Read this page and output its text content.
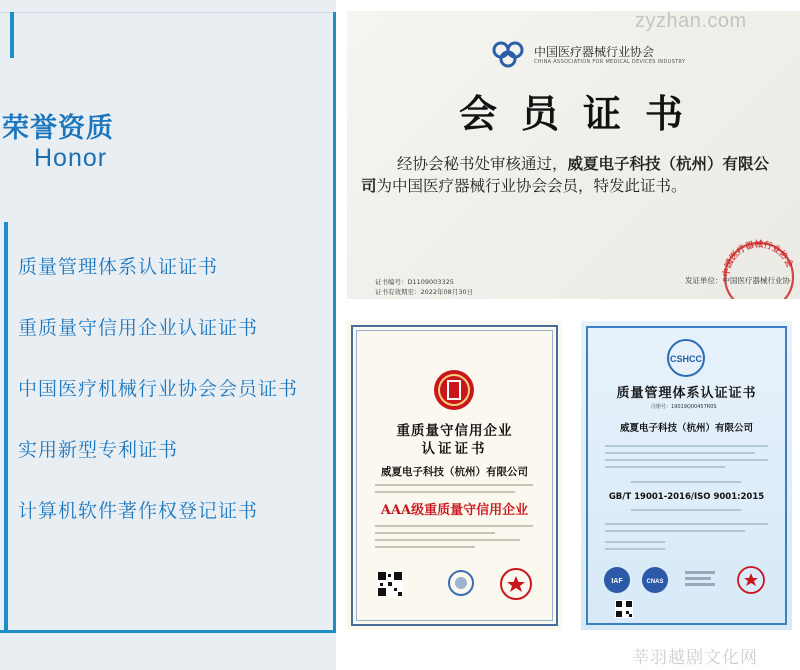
荣誉资质
Honor
质量管理体系认证证书
重质量守信用企业认证证书
中国医疗机械行业协会会员证书
实用新型专利证书
计算机软件著作权登记证书
中国医疗器械行业协会
CHINA ASSOCIATION FOR MEDICAL DEVICES INDUSTRY
会员证书
经协会秘书处审核通过，威夏电子科技（杭州）有限公司为中国医疗器械行业协会会员，特发此证书。
证书编号：D1109003325
证书有效期至：2022年08月30日
中国医疗器械行业协会
发证单位：中国医疗器械行业协
zyzhan.com
重质量守信用企业
认证证书
威夏电子科技（杭州）有限公司
AAA级重质量守信用企业
CSHCC
质量管理体系认证证书
注册号：19019Q00457R0S
威夏电子科技（杭州）有限公司
GB/T 19001-2016/ISO 9001:2015
IAF	CNAS
莘羽越剧文化网
